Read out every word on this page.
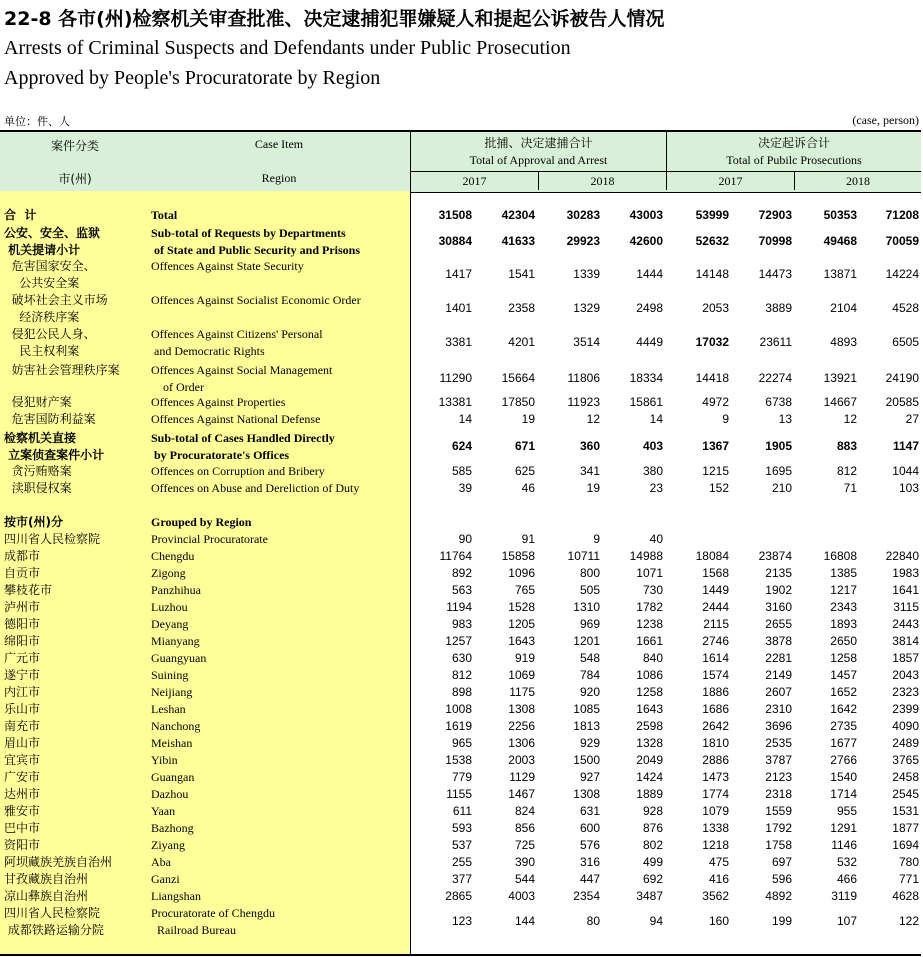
22-8 各市(州)检察机关审查批准、决定逮捕犯罪嫌疑人和提起公诉被告人情况
Arrests of Criminal Suspects and Defendants under Public Prosecution
Approved by People's Procuratorate by Region
单位：件、人	(case, person)
案件分类	Case Item
市(州)	Region
批捕、决定逮捕合计
Total of Approval and Arrest
决定起诉合计
Total of Pubilc Prosecutions
2017	2018	2017	2018
合  计	Total	31508	42304	30283	43003	53999	72903	50353	71208
公安、安全、监狱
机关提请小计
Sub-total of Requests by Departments
of State and Public Security and Prisons
30884	41633	29923	42600	52632	70998	49468	70059
危害国家安全、
公共安全案
Offences Against State Security
1417	1541	1339	1444	14148	14473	13871	14224
破坏社会主义市场
经济秩序案
Offences Against Socialist Economic Order
1401	2358	1329	2498	2053	3889	2104	4528
侵犯公民人身、
民主权利案
Offences Against Citizens' Personal
and Democratic Rights
3381	4201	3514	4449	17032	23611	4893	6505
妨害社会管理秩序案	Offences Against Social Management
of Order
11290	15664	11806	18334	14418	22274	13921	24190
侵犯财产案	Offences Against Properties	13381	17850	11923	15861	4972	6738	14667	20585
危害国防利益案	Offences Against National Defense	14	19	12	14	9	13	12	27
检察机关直接
立案侦查案件小计
Sub-total of Cases Handled Directly
by Procuratorate's Offices
624	671	360	403	1367	1905	883	1147
贪污贿赂案	Offences on Corruption and Bribery	585	625	341	380	1215	1695	812	1044
渎职侵权案	Offences on Abuse and Dereliction of Duty	39	46	19	23	152	210	71	103
按市(州)分	Grouped by Region
四川省人民检察院	Provincial Procuratorate	90	91	9	40
成都市	Chengdu	11764	15858	10711	14988	18084	23874	16808	22840
自贡市	Zigong	892	1096	800	1071	1568	2135	1385	1983
攀枝花市	Panzhihua	563	765	505	730	1449	1902	1217	1641
泸州市	Luzhou	1194	1528	1310	1782	2444	3160	2343	3115
德阳市	Deyang	983	1205	969	1238	2115	2655	1893	2443
绵阳市	Mianyang	1257	1643	1201	1661	2746	3878	2650	3814
广元市	Guangyuan	630	919	548	840	1614	2281	1258	1857
遂宁市	Suining	812	1069	784	1086	1574	2149	1457	2043
内江市	Neijiang	898	1175	920	1258	1886	2607	1652	2323
乐山市	Leshan	1008	1308	1085	1643	1686	2310	1642	2399
南充市	Nanchong	1619	2256	1813	2598	2642	3696	2735	4090
眉山市	Meishan	965	1306	929	1328	1810	2535	1677	2489
宜宾市	Yibin	1538	2003	1500	2049	2886	3787	2766	3765
广安市	Guangan	779	1129	927	1424	1473	2123	1540	2458
达州市	Dazhou	1155	1467	1308	1889	1774	2318	1714	2545
雅安市	Yaan	611	824	631	928	1079	1559	955	1531
巴中市	Bazhong	593	856	600	876	1338	1792	1291	1877
资阳市	Ziyang	537	725	576	802	1218	1758	1146	1694
阿坝藏族羌族自治州	Aba	255	390	316	499	475	697	532	780
甘孜藏族自治州	Ganzi	377	544	447	692	416	596	466	771
凉山彝族自治州	Liangshan	2865	4003	2354	3487	3562	4892	3119	4628
四川省人民检察院
成都铁路运输分院
Procuratorate of Chengdu
Railroad Bureau
123	144	80	94	160	199	107	122
